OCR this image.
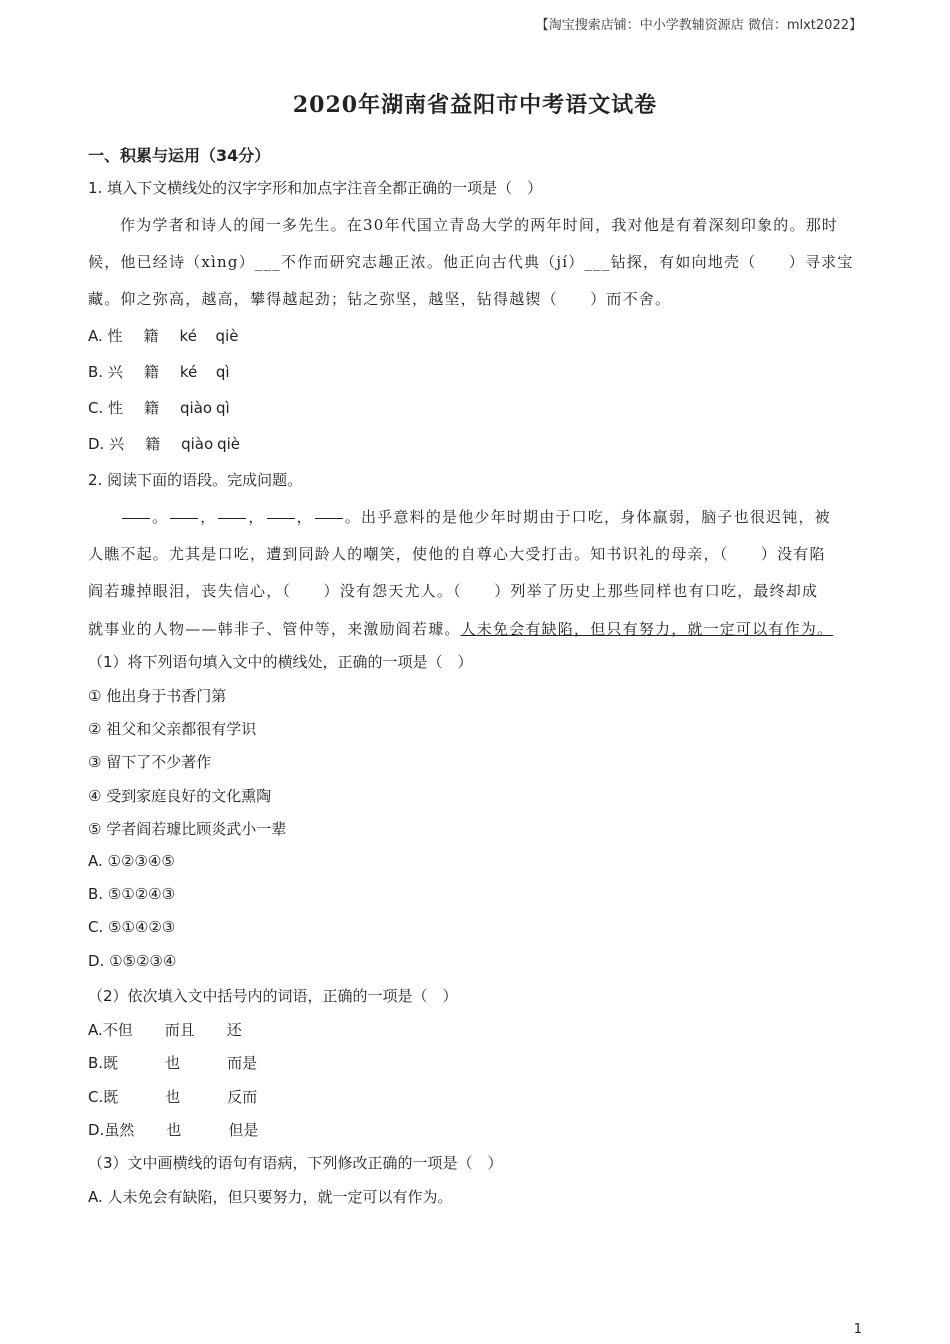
【淘宝搜索店铺：中小学教辅资源店 微信：mlxt2022】
2020年湖南省益阳市中考语文试卷
一、积累与运用（34分）
1. 填入下文横线处的汉字字形和加点字注音全都正确的一项是（　）
作为学者和诗人的闻一多先生。在30年代国立青岛大学的两年时间，我对他是有着深刻印象的。那时
候，他已经诗（xìng）___不作而研究志趣正浓。他正向古代典（jí）___钻探，有如向地壳（　　）寻求宝
藏。仰之弥高，越高，攀得越起劲；钻之弥坚，越坚，钻得越锲（　　）而不舍。
A. 性 籍 ké qiè
B. 兴 籍 ké qì
C. 性 籍 qiào qì
D. 兴 籍 qiào qiè
2. 阅读下面的语段。完成问题。
。 ， ， ， 。出乎意料的是他少年时期由于口吃，身体羸弱，脑子也很迟钝，被
人瞧不起。尤其是口吃，遭到同龄人的嘲笑，使他的自尊心大受打击。知书识礼的母亲，（　　）没有陷
阎若璩掉眼泪，丧失信心，（　　）没有怨天尤人。（　　）列举了历史上那些同样也有口吃，最终却成
就事业的人物——韩非子、管仲等，来激励阎若璩。人未免会有缺陷，但只有努力，就一定可以有作为。
（1）将下列语句填入文中的横线处，正确的一项是（　）
① 他出身于书香门第
② 祖父和父亲都很有学识
③ 留下了不少著作
④ 受到家庭良好的文化熏陶
⑤ 学者阎若璩比顾炎武小一辈
A. ①②③④⑤
B. ⑤①②④③
C. ⑤①④②③
D. ①⑤②③④
（2）依次填入文中括号内的词语，正确的一项是（　）
A.不但 而且 还
B.既	也	而是
C.既	也	反而
D.虽然 也	但是
（3）文中画横线的语句有语病，下列修改正确的一项是（　）
A. 人未免会有缺陷，但只要努力，就一定可以有作为。
1
